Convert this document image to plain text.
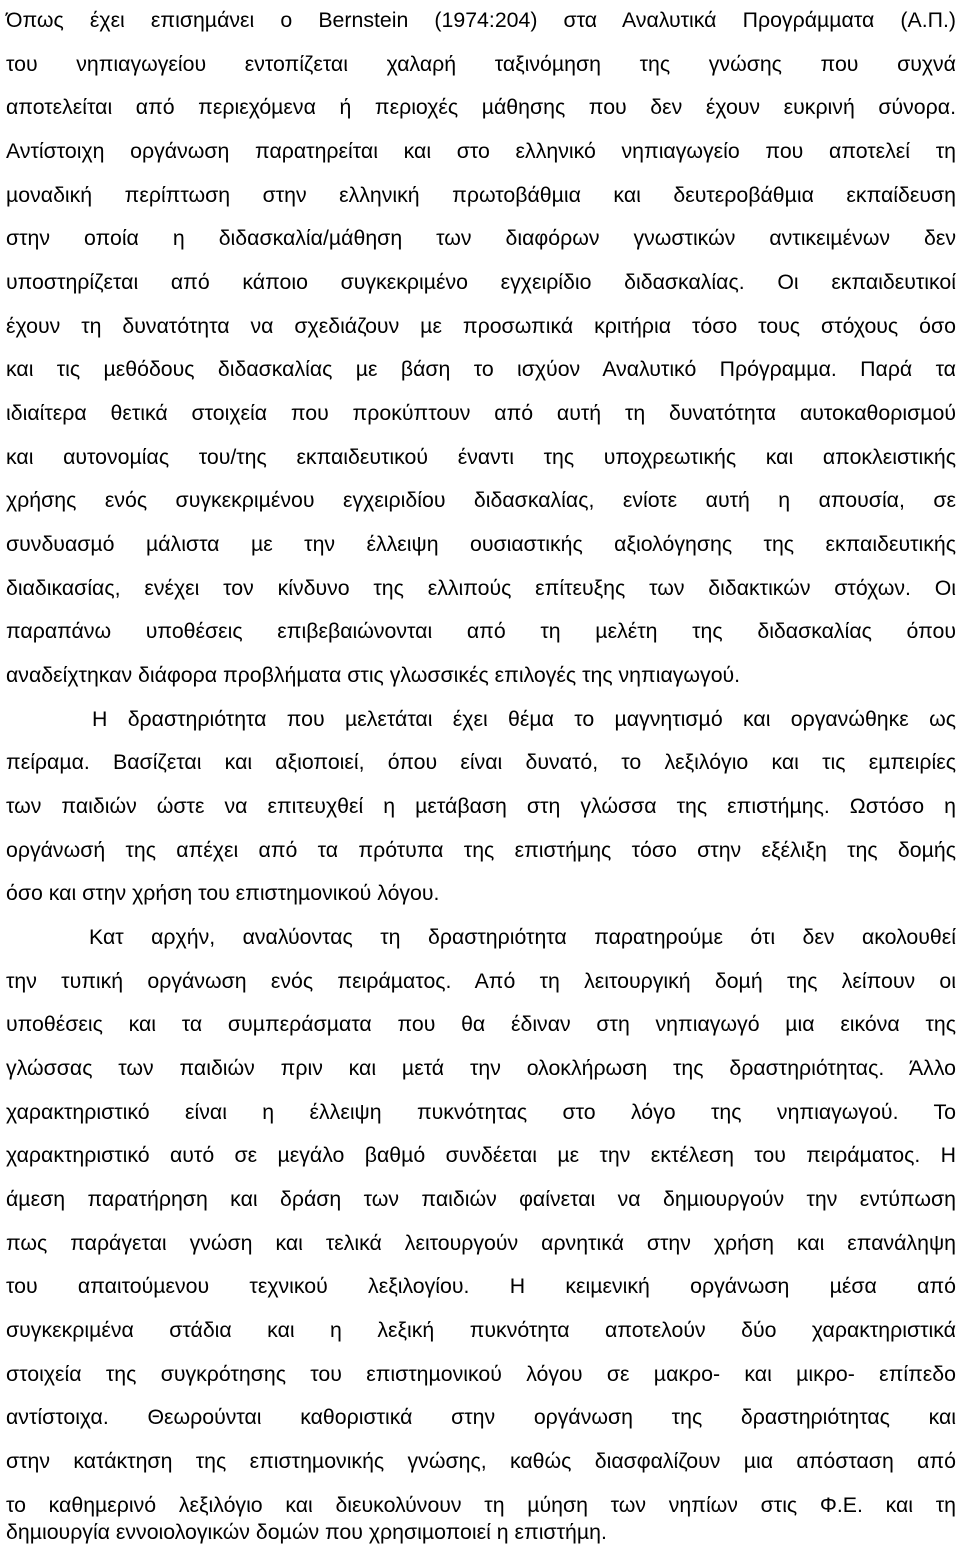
Όπως έχει επισηµάνει ο Bernstein (1974:204) στα Αναλυτικά Προγράµµατα (Α.Π.)
του νηπιαγωγείου εντοπίζεται χαλαρή ταξινόµηση της γνώσης που συχνά
αποτελείται από περιεχόµενα ή περιοχές µάθησης που δεν έχουν ευκρινή σύνορα.
Αντίστοιχη οργάνωση παρατηρείται και στο ελληνικό νηπιαγωγείο που αποτελεί τη
µοναδική περίπτωση στην ελληνική πρωτοβάθµια και δευτεροβάθµια εκπαίδευση
στην οποία η διδασκαλία/µάθηση των διαφόρων γνωστικών αντικειµένων δεν
υποστηρίζεται από κάποιο συγκεκριµένο εγχειρίδιο διδασκαλίας. Οι εκπαιδευτικοί
έχουν τη δυνατότητα να σχεδιάζουν µε προσωπικά κριτήρια τόσο τους στόχους όσο
και τις µεθόδους διδασκαλίας µε βάση το ισχύον Αναλυτικό Πρόγραµµα. Παρά τα
ιδιαίτερα θετικά στοιχεία που προκύπτουν από αυτή τη δυνατότητα αυτοκαθορισµού
και αυτονοµίας του/της εκπαιδευτικού έναντι της υποχρεωτικής και αποκλειστικής
χρήσης ενός συγκεκριµένου εγχειριδίου διδασκαλίας, ενίοτε αυτή η απουσία, σε
συνδυασµό µάλιστα µε την έλλειψη ουσιαστικής αξιολόγησης της εκπαιδευτικής
διαδικασίας, ενέχει τον κίνδυνο της ελλιπούς επίτευξης των διδακτικών στόχων. Οι
παραπάνω υποθέσεις επιβεβαιώνονται από τη µελέτη της διδασκαλίας όπου
αναδείχτηκαν διάφορα προβλήµατα στις γλωσσικές επιλογές της νηπιαγωγού.
Η δραστηριότητα που µελετάται έχει θέµα το µαγνητισµό και οργανώθηκε ως
πείραµα. Βασίζεται και αξιοποιεί, όπου είναι δυνατό, το λεξιλόγιο και τις εµπειρίες
των παιδιών ώστε να επιτευχθεί η µετάβαση στη γλώσσα της επιστήµης. Ωστόσο η
οργάνωσή της απέχει από τα πρότυπα της επιστήµης τόσο στην εξέλιξη της δοµής
όσο και στην χρήση του επιστηµονικού λόγου.
Κατ αρχήν, αναλύοντας τη δραστηριότητα παρατηρούµε ότι δεν ακολουθεί
την τυπική οργάνωση ενός πειράµατος. Από τη λειτουργική δοµή της λείπουν οι
υποθέσεις και τα συµπεράσµατα που θα έδιναν στη νηπιαγωγό µια εικόνα της
γλώσσας των παιδιών πριν και µετά την ολοκλήρωση της δραστηριότητας. Άλλο
χαρακτηριστικό είναι η έλλειψη πυκνότητας στο λόγο της νηπιαγωγού. Το
χαρακτηριστικό αυτό σε µεγάλο βαθµό συνδέεται µε την εκτέλεση του πειράµατος. Η
άµεση παρατήρηση και δράση των παιδιών φαίνεται να δηµιουργούν την εντύπωση
πως παράγεται γνώση και τελικά λειτουργούν αρνητικά στην χρήση και επανάληψη
του απαιτούµενου τεχνικού λεξιλογίου. Η κειµενική οργάνωση µέσα από
συγκεκριµένα στάδια και η λεξική πυκνότητα αποτελούν δύο χαρακτηριστικά
στοιχεία της συγκρότησης του επιστηµονικού λόγου σε µακρο- και µικρο- επίπεδο
αντίστοιχα. Θεωρούνται καθοριστικά στην οργάνωση της δραστηριότητας και
στην κατάκτηση της επιστηµονικής γνώσης, καθώς διασφαλίζουν µια απόσταση από
το καθηµερινό λεξιλόγιο και διευκολύνουν τη µύηση των νηπίων στις Φ.Ε. και τη
δηµιουργία εννοιολογικών δοµών που χρησιµοποιεί η επιστήµη.
